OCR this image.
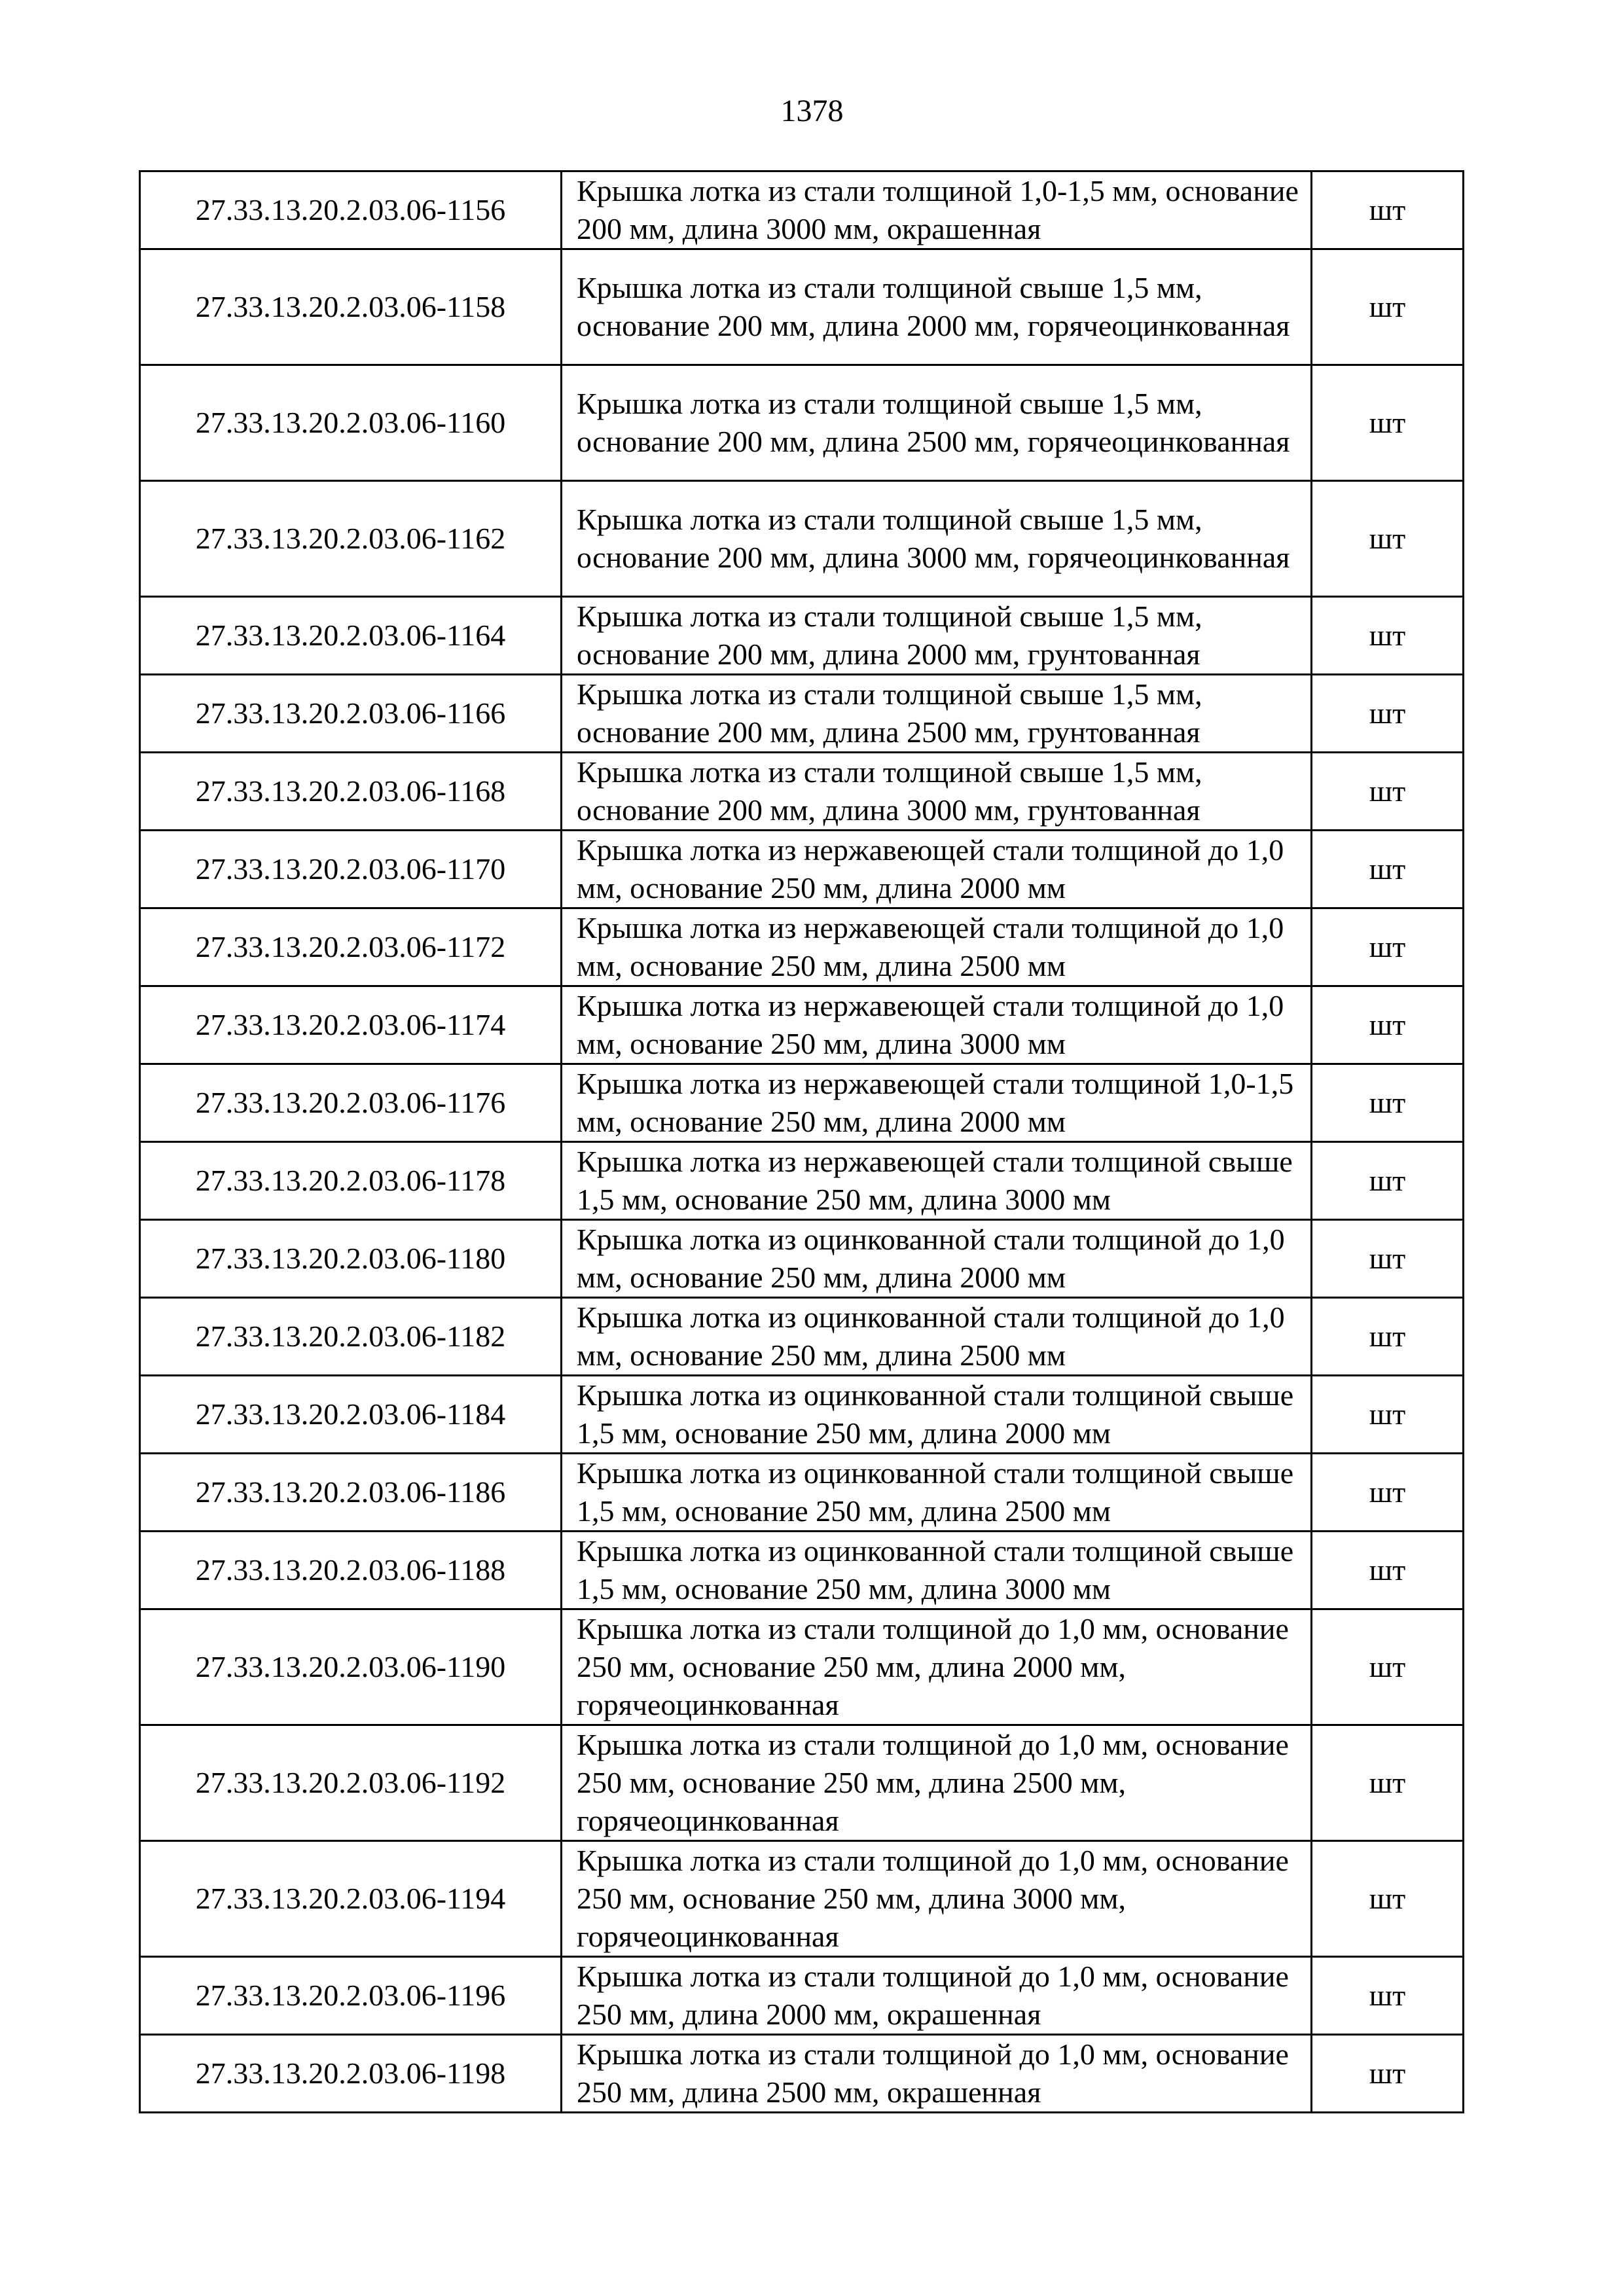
1378
27.33.13.20.2.03.06-1156	Крышка лотка из стали толщиной 1,0-1,5 мм, основание 200 мм, длина 3000 мм, окрашенная	шт
27.33.13.20.2.03.06-1158	Крышка лотка из стали толщиной свыше 1,5 мм, основание 200 мм, длина 2000 мм, горячеоцинкованная	шт
27.33.13.20.2.03.06-1160	Крышка лотка из стали толщиной свыше 1,5 мм, основание 200 мм, длина 2500 мм, горячеоцинкованная	шт
27.33.13.20.2.03.06-1162	Крышка лотка из стали толщиной свыше 1,5 мм, основание 200 мм, длина 3000 мм, горячеоцинкованная	шт
27.33.13.20.2.03.06-1164	Крышка лотка из стали толщиной свыше 1,5 мм, основание 200 мм, длина 2000 мм, грунтованная	шт
27.33.13.20.2.03.06-1166	Крышка лотка из стали толщиной свыше 1,5 мм, основание 200 мм, длина 2500 мм, грунтованная	шт
27.33.13.20.2.03.06-1168	Крышка лотка из стали толщиной свыше 1,5 мм, основание 200 мм, длина 3000 мм, грунтованная	шт
27.33.13.20.2.03.06-1170	Крышка лотка из нержавеющей стали толщиной до 1,0 мм, основание 250 мм, длина 2000 мм	шт
27.33.13.20.2.03.06-1172	Крышка лотка из нержавеющей стали толщиной до 1,0 мм, основание 250 мм, длина 2500 мм	шт
27.33.13.20.2.03.06-1174	Крышка лотка из нержавеющей стали толщиной до 1,0 мм, основание 250 мм, длина 3000 мм	шт
27.33.13.20.2.03.06-1176	Крышка лотка из нержавеющей стали толщиной 1,0-1,5 мм, основание 250 мм, длина 2000 мм	шт
27.33.13.20.2.03.06-1178	Крышка лотка из нержавеющей стали толщиной свыше 1,5 мм, основание 250 мм, длина 3000 мм	шт
27.33.13.20.2.03.06-1180	Крышка лотка из оцинкованной стали толщиной до 1,0 мм, основание 250 мм, длина 2000 мм	шт
27.33.13.20.2.03.06-1182	Крышка лотка из оцинкованной стали толщиной до 1,0 мм, основание 250 мм, длина 2500 мм	шт
27.33.13.20.2.03.06-1184	Крышка лотка из оцинкованной стали толщиной свыше 1,5 мм, основание 250 мм, длина 2000 мм	шт
27.33.13.20.2.03.06-1186	Крышка лотка из оцинкованной стали толщиной свыше 1,5 мм, основание 250 мм, длина 2500 мм	шт
27.33.13.20.2.03.06-1188	Крышка лотка из оцинкованной стали толщиной свыше 1,5 мм, основание 250 мм, длина 3000 мм	шт
27.33.13.20.2.03.06-1190	Крышка лотка из стали толщиной до 1,0 мм, основание 250 мм, основание 250 мм, длина 2000 мм, горячеоцинкованная	шт
27.33.13.20.2.03.06-1192	Крышка лотка из стали толщиной до 1,0 мм, основание 250 мм, основание 250 мм, длина 2500 мм, горячеоцинкованная	шт
27.33.13.20.2.03.06-1194	Крышка лотка из стали толщиной до 1,0 мм, основание 250 мм, основание 250 мм, длина 3000 мм, горячеоцинкованная	шт
27.33.13.20.2.03.06-1196	Крышка лотка из стали толщиной до 1,0 мм, основание 250 мм, длина 2000 мм, окрашенная	шт
27.33.13.20.2.03.06-1198	Крышка лотка из стали толщиной до 1,0 мм, основание 250 мм, длина 2500 мм, окрашенная	шт
